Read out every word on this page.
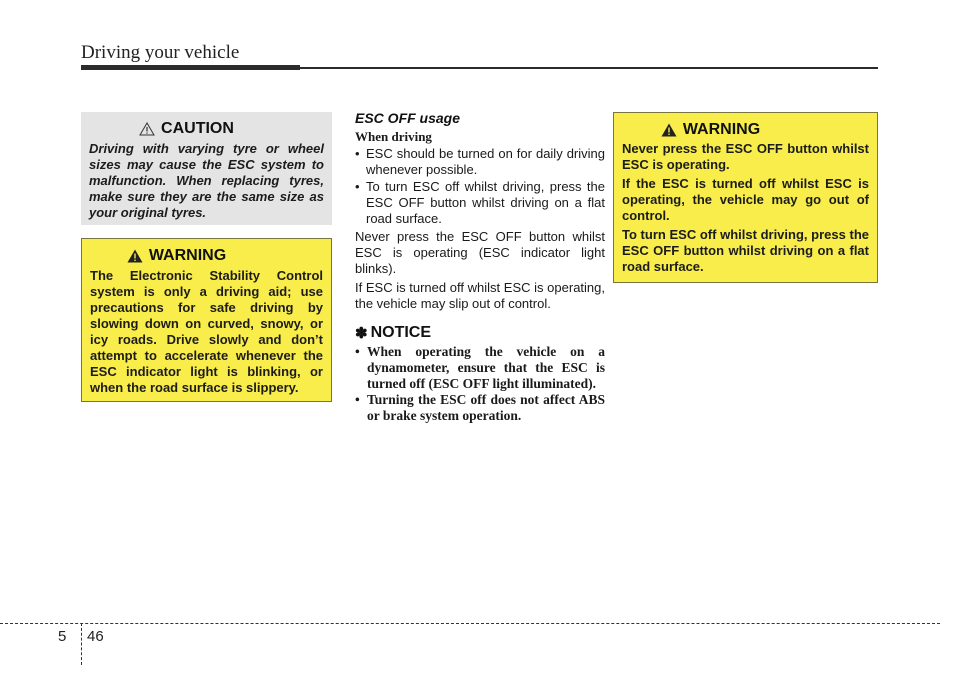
Driving your vehicle
CAUTION
Driving with varying tyre or wheel sizes may cause the ESC system to malfunction. When replacing tyres, make sure they are the same size as your original tyres.
WARNING
The Electronic Stability Control system is only a driving aid; use precautions for safe driving by slowing down on curved, snowy, or icy roads. Drive slowly and don’t attempt to accelerate whenever the ESC indicator light is blinking, or when the road surface is slippery.
ESC OFF usage
When driving
• ESC should be turned on for daily driving whenever possible.
• To turn ESC off whilst driving, press the ESC OFF button whilst driving on a flat road surface.
Never press the ESC OFF button whilst ESC is operating (ESC indicator light blinks).
If ESC is turned off whilst ESC is operating, the vehicle may slip out of control.
✽ NOTICE
• When operating the vehicle on a dynamometer, ensure that the ESC is turned off (ESC OFF light illuminated).
• Turning the ESC off does not affect ABS or brake system operation.
WARNING
Never press the ESC OFF button whilst ESC is operating.
If the ESC is turned off whilst ESC is operating, the vehicle may go out of control.
To turn ESC off whilst driving, press the ESC OFF button whilst driving on a flat road surface.
5 46
